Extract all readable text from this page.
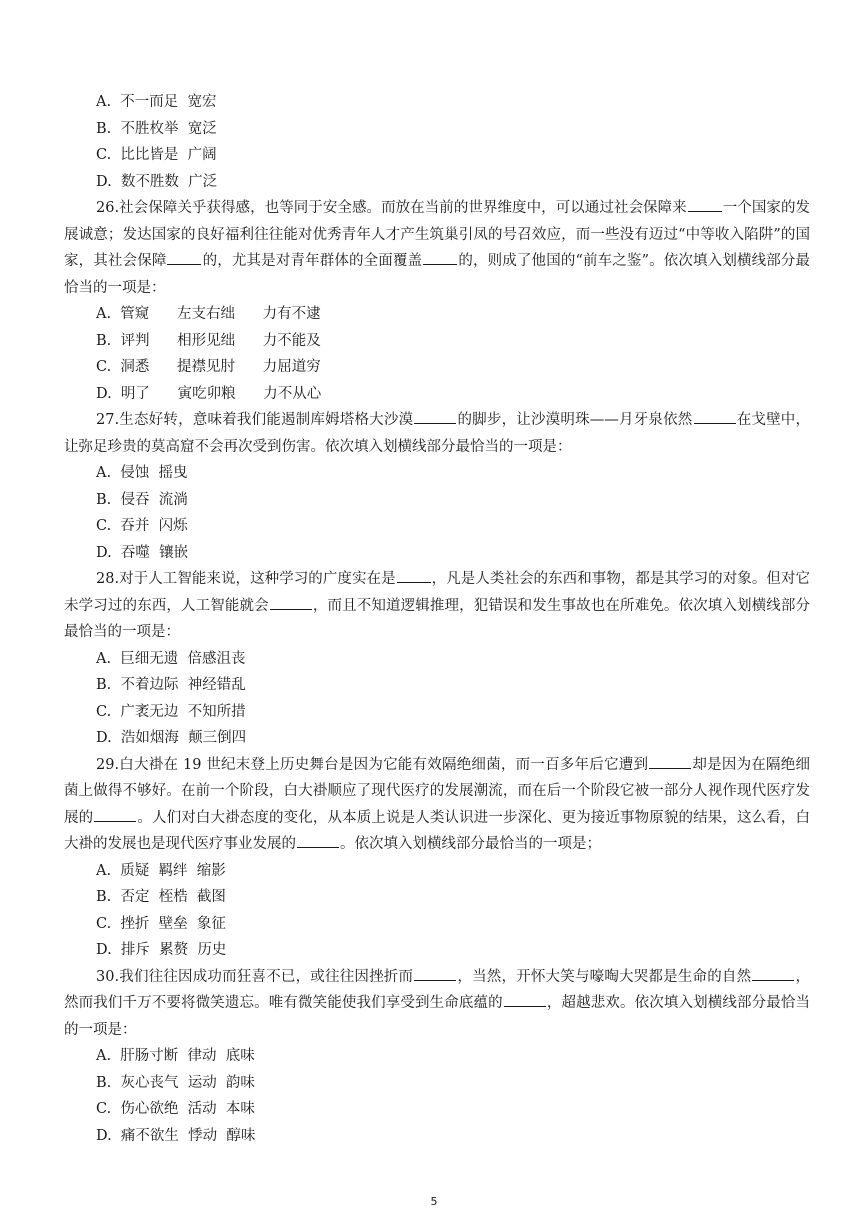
A.  不一而足  宽宏
B.  不胜枚举  宽泛
C.  比比皆是  广阔
D.  数不胜数  广泛
26.社会保障关乎获得感，也等同于安全感。而放在当前的世界维度中，可以通过社会保障来 一个国家的发展诚意；发达国家的良好福利往往能对优秀青年人才产生筑巢引凤的号召效应，而一些没有迈过“中等收入陷阱”的国家，其社会保障 的，尤其是对青年群体的全面覆盖 的，则成了他国的“前车之鉴”。依次填入划横线部分最恰当的一项是：
A.  管窥      左支右绌      力有不逮
B.  评判      相形见绌      力不能及
C.  洞悉      提襟见肘      力屈道穷
D.  明了      寅吃卯粮      力不从心
27.生态好转，意味着我们能遏制库姆塔格大沙漠	的脚步，让沙漠明珠——月牙泉依然	在戈壁中，让弥足珍贵的莫高窟不会再次受到伤害。依次填入划横线部分最恰当的一项是：
A.  侵蚀  摇曳
B.  侵吞  流淌
C.  吞并  闪烁
D.  吞噬  镶嵌
28.对于人工智能来说，这种学习的广度实在是 ，凡是人类社会的东西和事物，都是其学习的对象。但对它未学习过的东西，人工智能就会	，而且不知道逻辑推理，犯错误和发生事故也在所难免。依次填入划横线部分最恰当的一项是：
A.  巨细无遗  倍感沮丧
B.  不着边际  神经错乱
C.  广袤无边  不知所措
D.  浩如烟海  颠三倒四
29.白大褂在 19 世纪末登上历史舞台是因为它能有效隔绝细菌，而一百多年后它遭到	却是因为在隔绝细菌上做得不够好。在前一个阶段，白大褂顺应了现代医疗的发展潮流，而在后一个阶段它被一部分人视作现代医疗发展的	。人们对白大褂态度的变化，从本质上说是人类认识进一步深化、更为接近事物原貌的结果，这么看，白大褂的发展也是现代医疗事业发展的	。依次填入划横线部分最恰当的一项是；
A.  质疑  羁绊  缩影
B.  否定  桎梏  截图
C.  挫折  壁垒  象征
D.  排斥  累赘  历史
30.我们往往因成功而狂喜不已，或往往因挫折而	，当然，开怀大笑与嚎啕大哭都是生命的自然	，然而我们千万不要将微笑遗忘。唯有微笑能使我们享受到生命底蕴的	，超越悲欢。依次填入划横线部分最恰当的一项是：
A.  肝肠寸断  律动  底味
B.  灰心丧气  运动  韵味
C.  伤心欲绝  活动  本味
D.  痛不欲生  悸动  醇味
5
